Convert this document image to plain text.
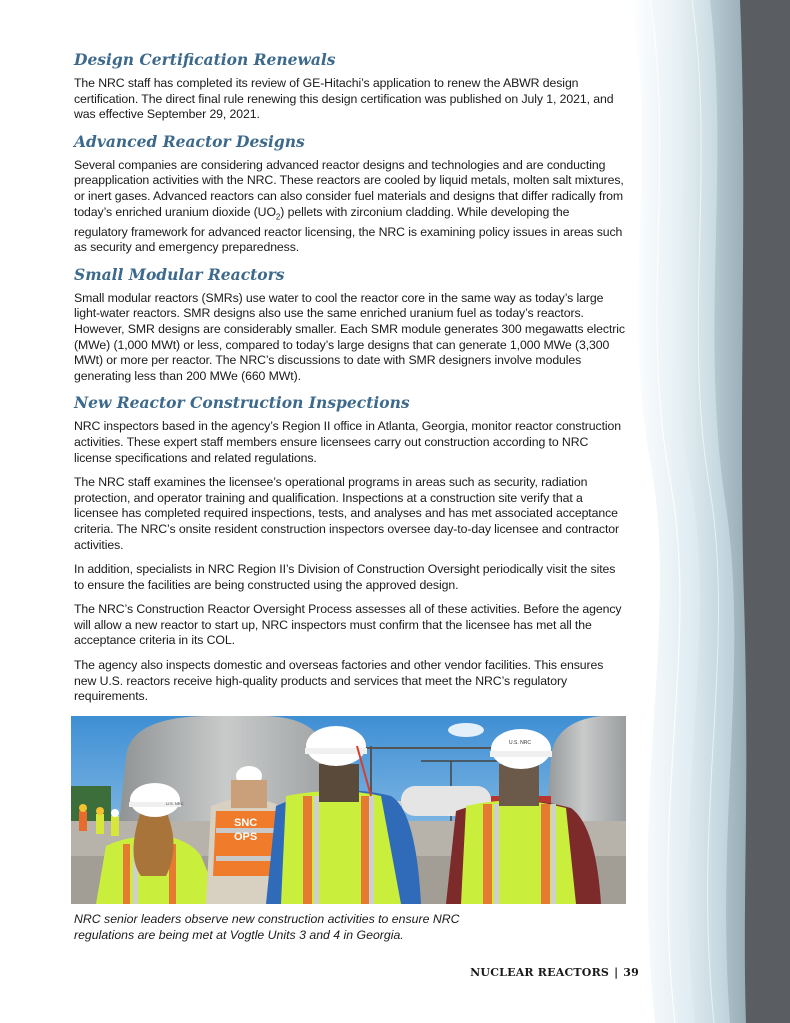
Design Certification Renewals

The NRC staff has completed its review of GE-Hitachi’s application to renew the ABWR design certification. The direct final rule renewing this design certification was published on July 1, 2021, and was effective September 29, 2021.

Advanced Reactor Designs

Several companies are considering advanced reactor designs and technologies and are conducting preapplication activities with the NRC. These reactors are cooled by liquid metals, molten salt mixtures, or inert gases. Advanced reactors can also consider fuel materials and designs that differ radically from today’s enriched uranium dioxide $(UO_2)$ pellets with zirconium cladding. While developing the regulatory framework for advanced reactor licensing, the NRC is examining policy issues in areas such as security and emergency preparedness.

Small Modular Reactors

Small modular reactors (SMRs) use water to cool the reactor core in the same way as today’s large light-water reactors. SMR designs also use the same enriched uranium fuel as today’s reactors. However, SMR designs are considerably smaller. Each SMR module generates 300 megawatts electric (MWe) (1,000 MWt) or less, compared to today’s large designs that can generate 1,000 MWe (3,300 MWt) or more per reactor. The NRC’s discussions to date with SMR designers involve modules generating less than 200 MWe (660 MWt).

New Reactor Construction Inspections

NRC inspectors based in the agency’s Region II office in Atlanta, Georgia, monitor reactor construction activities. These expert staff members ensure licensees carry out construction according to NRC license specifications and related regulations.

The NRC staff examines the licensee’s operational programs in areas such as security, radiation protection, and operator training and qualification. Inspections at a construction site verify that a licensee has completed required inspections, tests, and analyses and has met associated acceptance criteria. The NRC’s onsite resident construction inspectors oversee day-to-day licensee and contractor activities.

In addition, specialists in NRC Region II’s Division of Construction Oversight periodically visit the sites to ensure the facilities are being constructed using the approved design.

The NRC’s Construction Reactor Oversight Process assesses all of these activities. Before the agency will allow a new reactor to start up, NRC inspectors must confirm that the licensee has met all the acceptance criteria in its COL.

The agency also inspects domestic and overseas factories and other vendor facilities. This ensures new U.S. reactors receive high-quality products and services that meet the NRC’s regulatory requirements.

U.S. NRC
SNC
OPS
U.S. NRC
NRC senior leaders observe new construction activities to ensure NRC regulations are being met at Vogtle Units 3 and 4 in Georgia.
NUCLEAR REACTORS | 39
